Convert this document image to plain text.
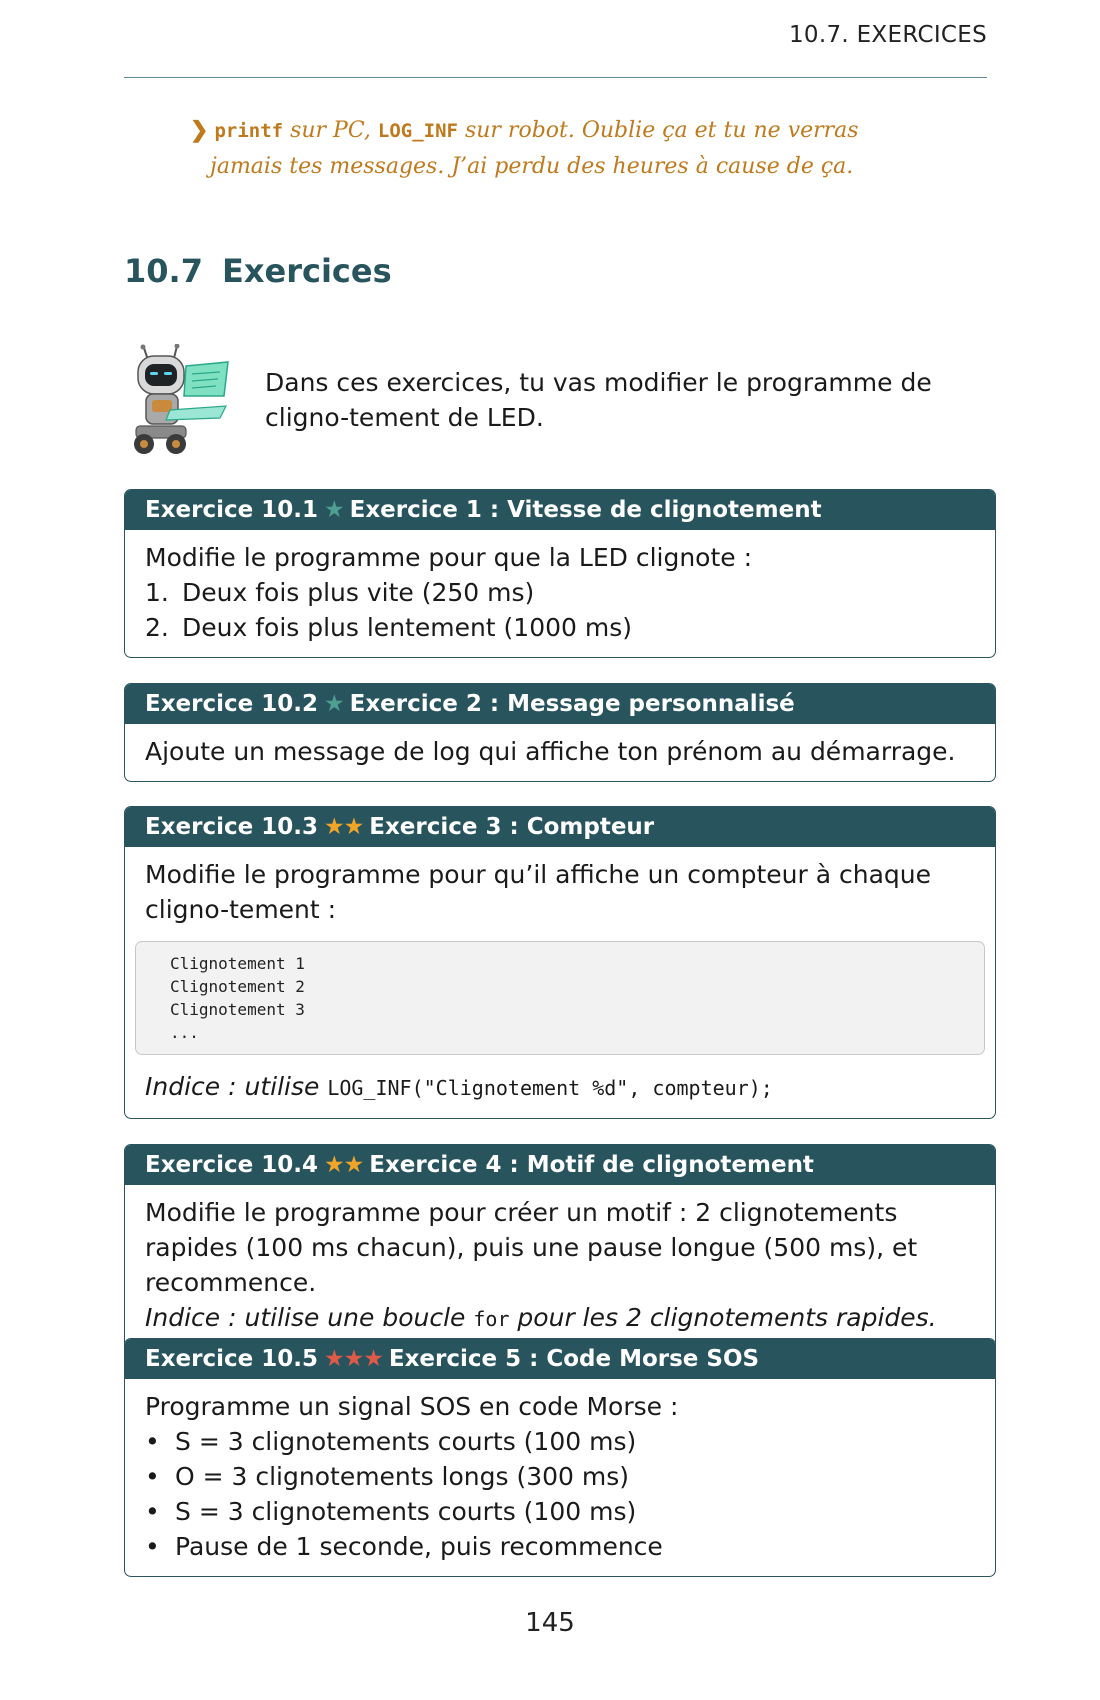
10.7. EXERCICES
❯ printf sur PC, LOG_INF sur robot. Oublie ça et tu ne verras
jamais tes messages. J’ai perdu des heures à cause de ça.
10.7 Exercices
Dans ces exercices, tu vas modifier le programme de cligno-tement de LED.
Exercice 10.1 ★ Exercice 1 : Vitesse de clignotement
Modifie le programme pour que la LED clignote :
1. Deux fois plus vite (250 ms)
2. Deux fois plus lentement (1000 ms)
Exercice 10.2 ★ Exercice 2 : Message personnalisé
Ajoute un message de log qui affiche ton prénom au démarrage.
Exercice 10.3 ★★ Exercice 3 : Compteur
Modifie le programme pour qu’il affiche un compteur à chaque cligno-tement :
Clignotement 1
Clignotement 2
Clignotement 3
...
Indice : utilise LOG_INF("Clignotement %d", compteur);
Exercice 10.4 ★★ Exercice 4 : Motif de clignotement
Modifie le programme pour créer un motif : 2 clignotements rapides (100 ms chacun), puis une pause longue (500 ms), et recommence.
Indice : utilise une boucle for pour les 2 clignotements rapides.
Exercice 10.5 ★★★ Exercice 5 : Code Morse SOS
Programme un signal SOS en code Morse :
• S = 3 clignotements courts (100 ms)
• O = 3 clignotements longs (300 ms)
• S = 3 clignotements courts (100 ms)
• Pause de 1 seconde, puis recommence
145
